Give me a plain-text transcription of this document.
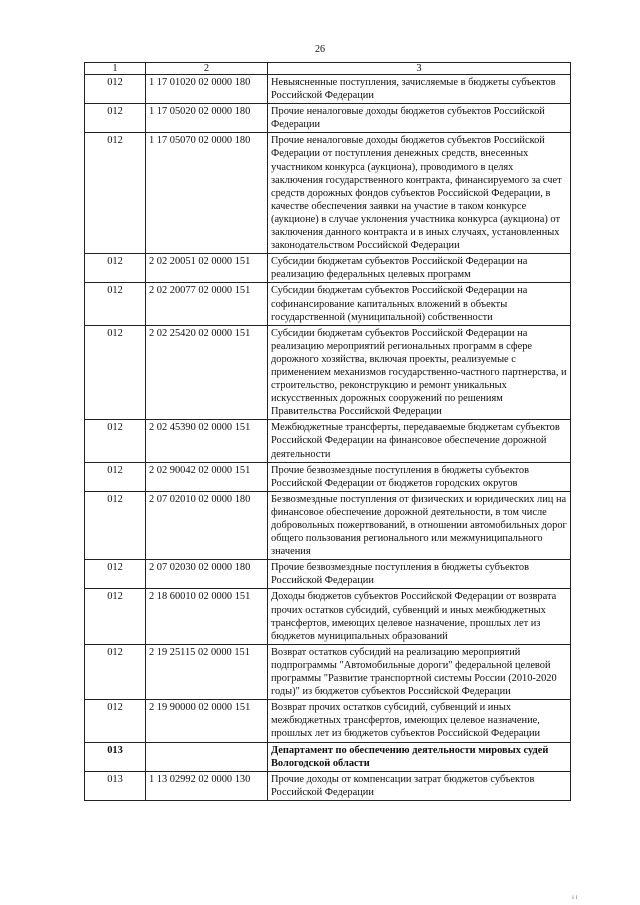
26
1	2	3
012	1 17 01020 02 0000 180	Невыясненные поступления, зачисляемые в бюджеты субъектов Российской Федерации
012	1 17 05020 02 0000 180	Прочие неналоговые доходы бюджетов субъектов Российской Федерации
012	1 17 05070 02 0000 180	Прочие неналоговые доходы бюджетов субъектов Российской Федерации от поступления денежных средств, внесенных участником конкурса (аукциона), проводимого в целях заключения государственного контракта, финансируемого за счет средств дорожных фондов субъектов Российской Федерации, в качестве обеспечения заявки на участие в таком конкурсе (аукционе) в случае уклонения участника конкурса (аукциона) от заключения данного контракта и в иных случаях, установленных законодательством Российской Федерации
012	2 02 20051 02 0000 151	Субсидии бюджетам субъектов Российской Федерации на реализацию федеральных целевых программ
012	2 02 20077 02 0000 151	Субсидии бюджетам субъектов Российской Федерации на софинансирование капитальных вложений в объекты государственной (муниципальной) собственности
012	2 02 25420 02 0000 151	Субсидии бюджетам субъектов Российской Федерации на реализацию мероприятий региональных программ в сфере дорожного хозяйства, включая проекты, реализуемые с применением механизмов государственно-частного партнерства, и строительство, реконструкцию и ремонт уникальных искусственных дорожных сооружений по решениям Правительства Российской Федерации
012	2 02 45390 02 0000 151	Межбюджетные трансферты, передаваемые бюджетам субъектов Российской Федерации на финансовое обеспечение дорожной деятельности
012	2 02 90042 02 0000 151	Прочие безвозмездные поступления в бюджеты субъектов Российской Федерации от бюджетов городских округов
012	2 07 02010 02 0000 180	Безвозмездные поступления от физических и юридических лиц на финансовое обеспечение дорожной деятельности, в том числе добровольных пожертвований, в отношении автомобильных дорог общего пользования регионального или межмуниципального значения
012	2 07 02030 02 0000 180	Прочие безвозмездные поступления в бюджеты субъектов Российской Федерации
012	2 18 60010 02 0000 151	Доходы бюджетов субъектов Российской Федерации от возврата прочих остатков субсидий, субвенций и иных межбюджетных трансфертов, имеющих целевое назначение, прошлых лет из бюджетов муниципальных образований
012	2 19 25115 02 0000 151	Возврат остатков субсидий на реализацию мероприятий подпрограммы "Автомобильные дороги" федеральной целевой программы "Развитие транспортной системы России (2010-2020 годы)" из бюджетов субъектов Российской Федерации
012	2 19 90000 02 0000 151	Возврат прочих остатков субсидий, субвенций и иных межбюджетных трансфертов, имеющих целевое назначение, прошлых лет из бюджетов субъектов Российской Федерации
013		Департамент по обеспечению деятельности мировых судей Вологодской области
013	1 13 02992 02 0000 130	Прочие доходы от компенсации затрат бюджетов субъектов Российской Федерации
ı ı
